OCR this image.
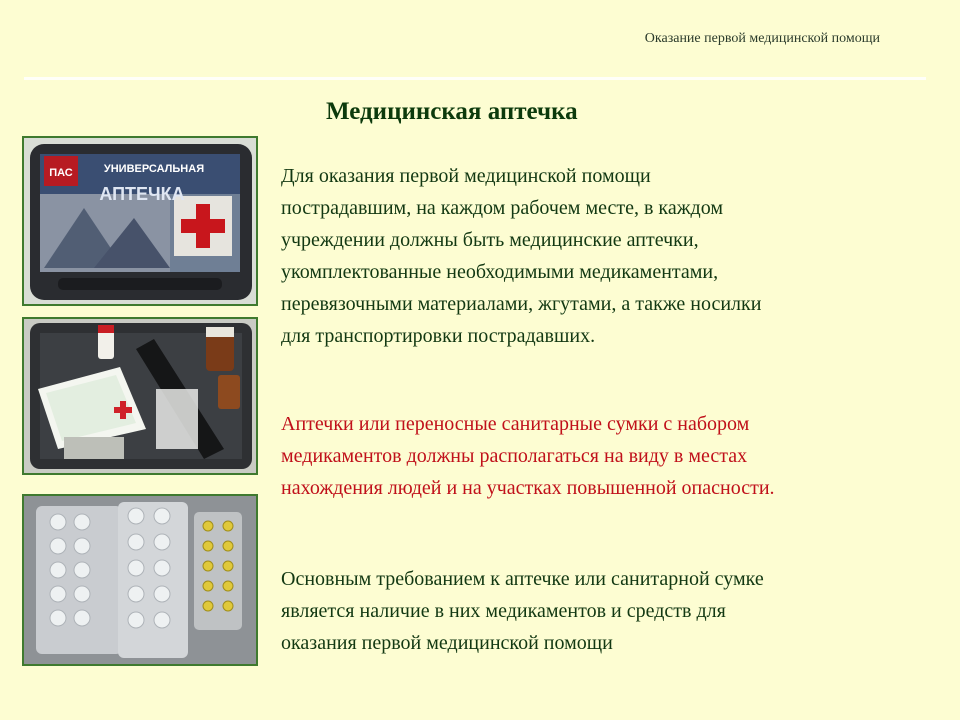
Оказание первой медицинской помощи
Медицинская аптечка
ПАС	УНИВЕРСАЛЬНАЯ
АПТЕЧКА
Для оказания первой медицинской помощи
пострадавшим, на каждом рабочем месте, в каждом
учреждении должны быть медицинские аптечки,
укомплектованные необходимыми медикаментами,
перевязочными материалами, жгутами, а также носилки
для транспортировки пострадавших.
Аптечки или переносные санитарные сумки с набором
медикаментов должны располагаться на виду в местах
нахождения людей и на участках повышенной опасности.
Основным требованием к аптечке или санитарной сумке
является наличие в них медикаментов и средств для
оказания первой медицинской помощи
